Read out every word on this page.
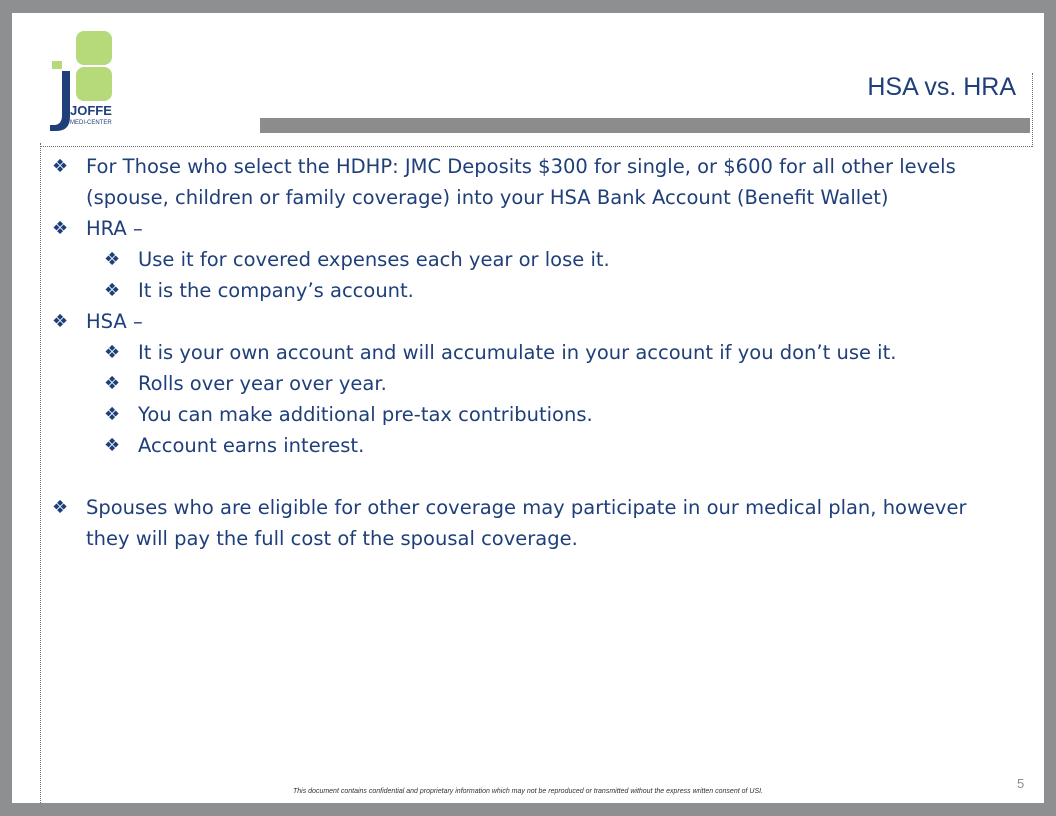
JOFFE
MEDI-CENTER
HSA vs. HRA
❖ For Those who select the HDHP: JMC Deposits $300 for single, or $600 for all other levels (spouse, children or family coverage) into your HSA Bank Account (Benefit Wallet)
❖ HRA –
❖ Use it for covered expenses each year or lose it.
❖ It is the company’s account.
❖ HSA –
❖ It is your own account and will accumulate in your account if you don’t use it.
❖ Rolls over year over year.
❖ You can make additional pre-tax contributions.
❖ Account earns interest.
❖ Spouses who are eligible for other coverage may participate in our medical plan, however they will pay the full cost of the spousal coverage.
This document contains confidential and proprietary information which may not be reproduced or transmitted without the express written consent of USI.
5
